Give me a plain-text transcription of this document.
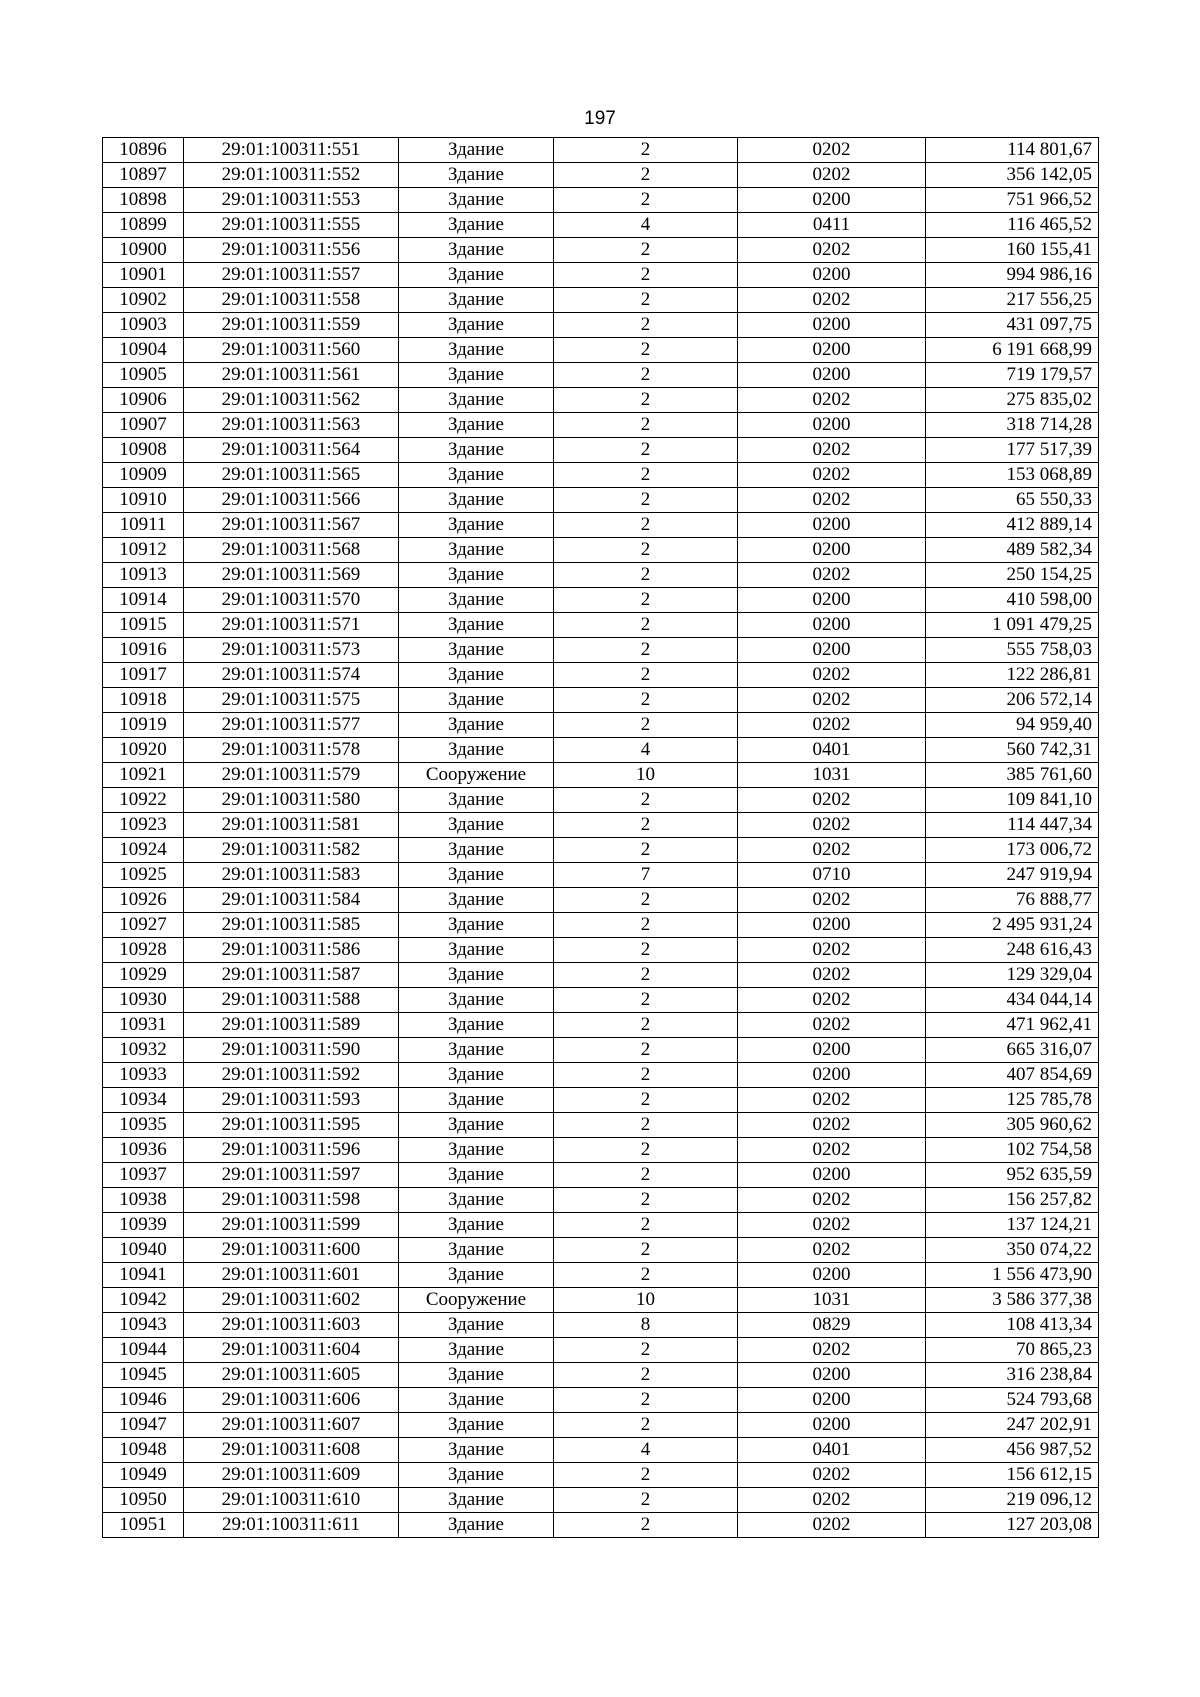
197
10896	29:01:100311:551	Здание	2	0202	114 801,67
10897	29:01:100311:552	Здание	2	0202	356 142,05
10898	29:01:100311:553	Здание	2	0200	751 966,52
10899	29:01:100311:555	Здание	4	0411	116 465,52
10900	29:01:100311:556	Здание	2	0202	160 155,41
10901	29:01:100311:557	Здание	2	0200	994 986,16
10902	29:01:100311:558	Здание	2	0202	217 556,25
10903	29:01:100311:559	Здание	2	0200	431 097,75
10904	29:01:100311:560	Здание	2	0200	6 191 668,99
10905	29:01:100311:561	Здание	2	0200	719 179,57
10906	29:01:100311:562	Здание	2	0202	275 835,02
10907	29:01:100311:563	Здание	2	0200	318 714,28
10908	29:01:100311:564	Здание	2	0202	177 517,39
10909	29:01:100311:565	Здание	2	0202	153 068,89
10910	29:01:100311:566	Здание	2	0202	65 550,33
10911	29:01:100311:567	Здание	2	0200	412 889,14
10912	29:01:100311:568	Здание	2	0200	489 582,34
10913	29:01:100311:569	Здание	2	0202	250 154,25
10914	29:01:100311:570	Здание	2	0200	410 598,00
10915	29:01:100311:571	Здание	2	0200	1 091 479,25
10916	29:01:100311:573	Здание	2	0200	555 758,03
10917	29:01:100311:574	Здание	2	0202	122 286,81
10918	29:01:100311:575	Здание	2	0202	206 572,14
10919	29:01:100311:577	Здание	2	0202	94 959,40
10920	29:01:100311:578	Здание	4	0401	560 742,31
10921	29:01:100311:579	Сооружение	10	1031	385 761,60
10922	29:01:100311:580	Здание	2	0202	109 841,10
10923	29:01:100311:581	Здание	2	0202	114 447,34
10924	29:01:100311:582	Здание	2	0202	173 006,72
10925	29:01:100311:583	Здание	7	0710	247 919,94
10926	29:01:100311:584	Здание	2	0202	76 888,77
10927	29:01:100311:585	Здание	2	0200	2 495 931,24
10928	29:01:100311:586	Здание	2	0202	248 616,43
10929	29:01:100311:587	Здание	2	0202	129 329,04
10930	29:01:100311:588	Здание	2	0202	434 044,14
10931	29:01:100311:589	Здание	2	0202	471 962,41
10932	29:01:100311:590	Здание	2	0200	665 316,07
10933	29:01:100311:592	Здание	2	0200	407 854,69
10934	29:01:100311:593	Здание	2	0202	125 785,78
10935	29:01:100311:595	Здание	2	0202	305 960,62
10936	29:01:100311:596	Здание	2	0202	102 754,58
10937	29:01:100311:597	Здание	2	0200	952 635,59
10938	29:01:100311:598	Здание	2	0202	156 257,82
10939	29:01:100311:599	Здание	2	0202	137 124,21
10940	29:01:100311:600	Здание	2	0202	350 074,22
10941	29:01:100311:601	Здание	2	0200	1 556 473,90
10942	29:01:100311:602	Сооружение	10	1031	3 586 377,38
10943	29:01:100311:603	Здание	8	0829	108 413,34
10944	29:01:100311:604	Здание	2	0202	70 865,23
10945	29:01:100311:605	Здание	2	0200	316 238,84
10946	29:01:100311:606	Здание	2	0200	524 793,68
10947	29:01:100311:607	Здание	2	0200	247 202,91
10948	29:01:100311:608	Здание	4	0401	456 987,52
10949	29:01:100311:609	Здание	2	0202	156 612,15
10950	29:01:100311:610	Здание	2	0202	219 096,12
10951	29:01:100311:611	Здание	2	0202	127 203,08
